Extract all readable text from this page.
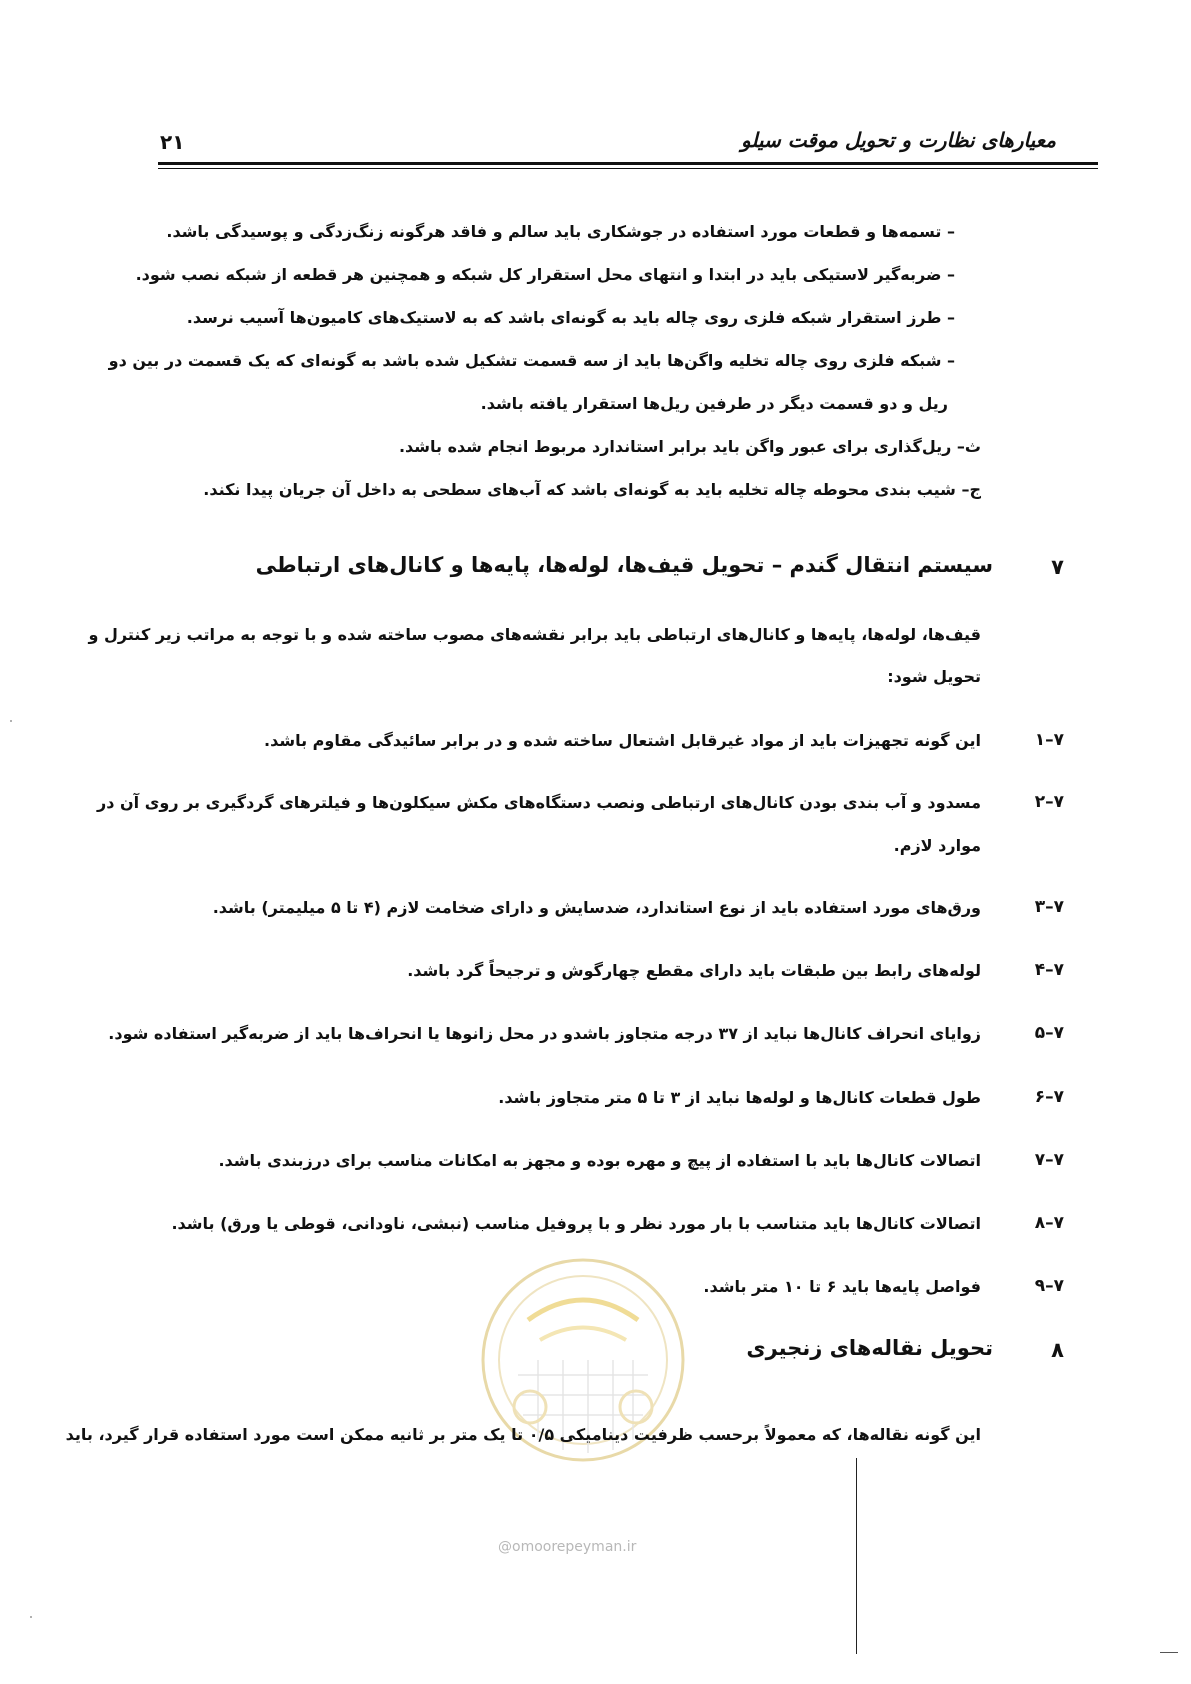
معیارهای نظارت و تحویل موقت سیلو
۲۱
– تسمه‌ها و قطعات مورد استفاده در جوشکاری باید سالم و فاقد هرگونه زنگ‌زدگی و پوسیدگی باشد.
– ضربه‌گیر لاستیکی باید در ابتدا و انتهای محل استقرار کل شبکه و همچنین هر قطعه از شبکه نصب شود.
– طرز استقرار شبکه فلزی روی چاله باید به گونه‌ای باشد که به لاستیک‌های کامیون‌ها آسیب نرسد.
– شبکه فلزی روی چاله تخلیه واگن‌ها باید از سه قسمت تشکیل شده باشد به گونه‌ای که یک قسمت در بین دو
ریل و دو قسمت دیگر در طرفین ریل‌ها استقرار یافته باشد.
ث– ریل‌گذاری برای عبور واگن باید برابر استاندارد مربوط انجام شده باشد.
ج– شیب بندی محوطه چاله تخلیه باید به گونه‌ای باشد که آب‌های سطحی به داخل آن جریان پیدا نکند.
۷
سیستم انتقال گندم – تحویل قیف‌ها، لوله‌ها، پایه‌ها و کانال‌های ارتباطی
قیف‌ها، لوله‌ها، پایه‌ها و کانال‌های ارتباطی باید برابر نقشه‌های مصوب ساخته شده و با توجه به مراتب زیر کنترل و
تحویل شود:
۷–۱
این گونه تجهیزات باید از مواد غیرقابل اشتعال ساخته شده و در برابر سائیدگی مقاوم باشد.
۷–۲
مسدود و آب بندی بودن کانال‌های ارتباطی ونصب دستگاه‌های مکش سیکلون‌ها و فیلترهای گردگیری بر روی آن در
موارد لازم.
۷–۳
ورق‌های مورد استفاده باید از نوع استاندارد، ضدسایش و دارای ضخامت لازم (۴ تا ۵ میلیمتر) باشد.
۷–۴
لوله‌های رابط بین طبقات باید دارای مقطع چهارگوش و ترجیحاً گرد باشد.
۷–۵
زوایای انحراف کانال‌ها نباید از ۳۷ درجه متجاوز باشدو در محل زانوها یا انحراف‌ها باید از ضربه‌گیر استفاده شود.
۷–۶
طول قطعات کانال‌ها و لوله‌ها نباید از ۳ تا ۵ متر متجاوز باشد.
۷–۷
اتصالات کانال‌ها باید با استفاده از پیچ و مهره بوده و مجهز به امکانات مناسب برای درزبندی باشد.
۷–۸
اتصالات کانال‌ها باید متناسب با بار مورد نظر و با پروفیل مناسب (نبشی، ناودانی، قوطی یا ورق) باشد.
۷–۹
فواصل پایه‌ها باید ۶ تا ۱۰ متر باشد.
@omoorepeyman.ir
۸
تحویل نقاله‌های زنجیری
این گونه نقاله‌ها، که معمولاً برحسب ظرفیت دینامیکی ۰/۵ تا یک متر بر ثانیه ممکن است مورد استفاده قرار گیرد، باید
